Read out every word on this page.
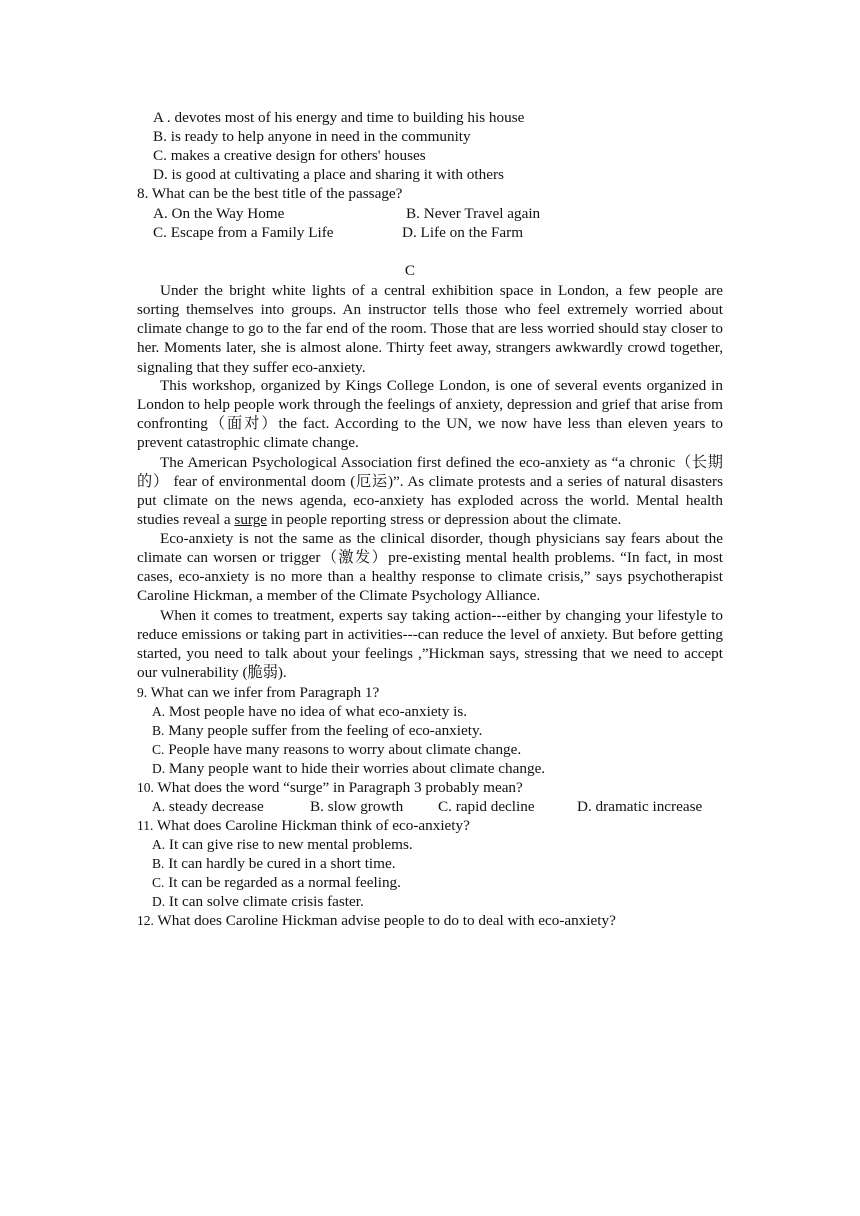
A . devotes most of his energy and time to building his house
B. is ready to help anyone in need in the community
C. makes a creative design for others' houses
D. is good at cultivating a place and sharing it with others
8. What can be the best title of the passage?
A. On the Way Home	B. Never Travel again
C. Escape from a Family Life	D. Life on the Farm
C

Under the bright white lights of a central exhibition space in London, a few people are sorting themselves into groups. An instructor tells those who feel extremely worried about climate change to go to the far end of the room. Those that are less worried should stay closer to her. Moments later, she is almost alone. Thirty feet away, strangers awkwardly crowd together, signaling that they suffer eco-anxiety.

This workshop, organized by Kings College London, is one of several events organized in London to help people work through the feelings of anxiety, depression and grief that arise from confronting（面对）the fact. According to the UN, we now have less than eleven years to prevent catastrophic climate change.

The American Psychological Association first defined the eco-anxiety as “a chronic（长期的） fear of environmental doom (厄运)”. As climate protests and a series of natural disasters put climate on the news agenda, eco-anxiety has exploded across the world. Mental health studies reveal a surge in people reporting stress or depression about the climate.

Eco-anxiety is not the same as the clinical disorder, though physicians say fears about the climate can worsen or trigger（激发）pre-existing mental health problems. “In fact, in most cases, eco-anxiety is no more than a healthy response to climate crisis,” says psychotherapist Caroline Hickman, a member of the Climate Psychology Alliance.

When it comes to treatment, experts say taking action---either by changing your lifestyle to reduce emissions or taking part in activities---can reduce the level of anxiety. But before getting started, you need to talk about your feelings ,”Hickman says, stressing that we need to accept our vulnerability (脆弱).

9. What can we infer from Paragraph 1?
A. Most people have no idea of what eco-anxiety is.
B. Many people suffer from the feeling of eco-anxiety.
C. People have many reasons to worry about climate change.
D. Many people want to hide their worries about climate change.
10. What does the word “surge” in Paragraph 3 probably mean?
A. steady decrease	B. slow growth C. rapid decline	D. dramatic increase
11. What does Caroline Hickman think of eco-anxiety?
A. It can give rise to new mental problems.
B. It can hardly be cured in a short time.
C. It can be regarded as a normal feeling.
D. It can solve climate crisis faster.
12. What does Caroline Hickman advise people to do to deal with eco-anxiety?
